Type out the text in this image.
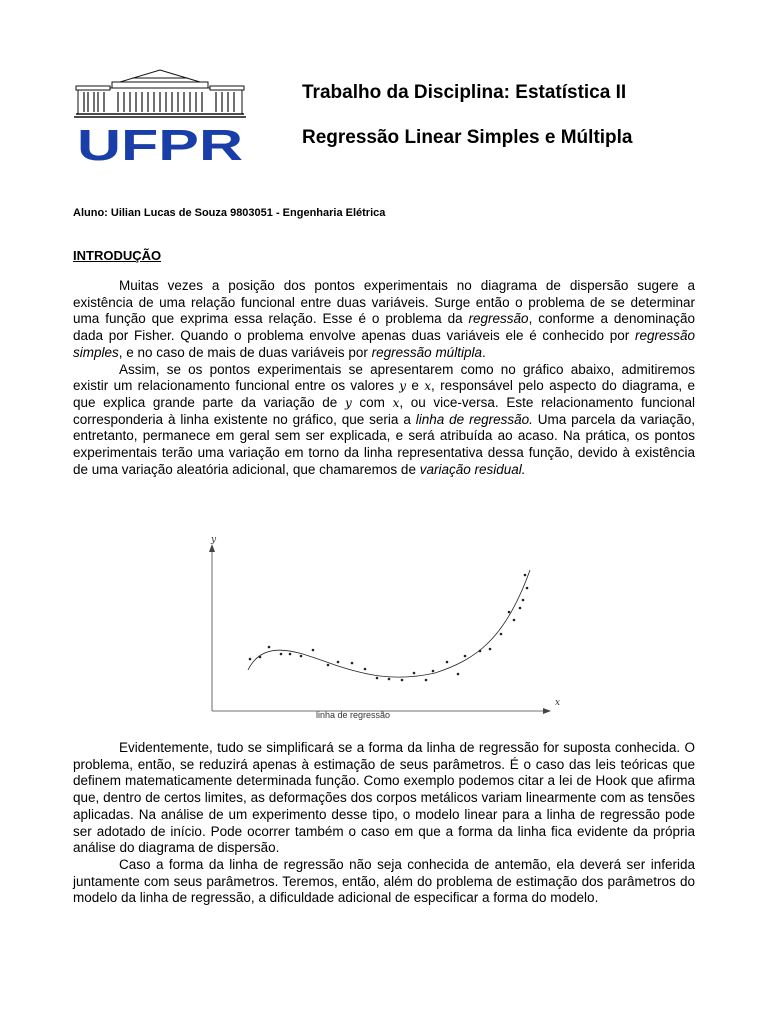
UFPR
Trabalho da Disciplina: Estatística II
Regressão Linear Simples e Múltipla
Aluno: Uilian Lucas de Souza 9803051 - Engenharia Elétrica
INTRODUÇÃO

Muitas vezes a posição dos pontos experimentais no diagrama de dispersão sugere a existência de uma relação funcional entre duas variáveis. Surge então o problema de se determinar uma função que exprima essa relação. Esse é o problema da regressão, conforme a denominação dada por Fisher. Quando o problema envolve apenas duas variáveis ele é conhecido por regressão simples, e no caso de mais de duas variáveis por regressão múltipla.

Assim, se os pontos experimentais se apresentarem como no gráfico abaixo, admitiremos existir um relacionamento funcional entre os valores y e x, responsável pelo aspecto do diagrama, e que explica grande parte da variação de y com x, ou vice-versa. Este relacionamento funcional corresponderia à linha existente no gráfico, que seria a linha de regressão. Uma parcela da variação, entretanto, permanece em geral sem ser explicada, e será atribuída ao acaso. Na prática, os pontos experimentais terão uma variação em torno da linha representativa dessa função, devido à existência de uma variação aleatória adicional, que chamaremos de variação residual.

y
x
linha de regressão

Evidentemente, tudo se simplificará se a forma da linha de regressão for suposta conhecida. O problema, então, se reduzirá apenas à estimação de seus parâmetros. É o caso das leis teóricas que definem matematicamente determinada função. Como exemplo podemos citar a lei de Hook que afirma que, dentro de certos limites, as deformações dos corpos metálicos variam linearmente com as tensões aplicadas. Na análise de um experimento desse tipo, o modelo linear para a linha de regressão pode ser adotado de início. Pode ocorrer também o caso em que a forma da linha fica evidente da própria análise do diagrama de dispersão.

Caso a forma da linha de regressão não seja conhecida de antemão, ela deverá ser inferida juntamente com seus parâmetros. Teremos, então, além do problema de estimação dos parâmetros do modelo da linha de regressão, a dificuldade adicional de especificar a forma do modelo.
